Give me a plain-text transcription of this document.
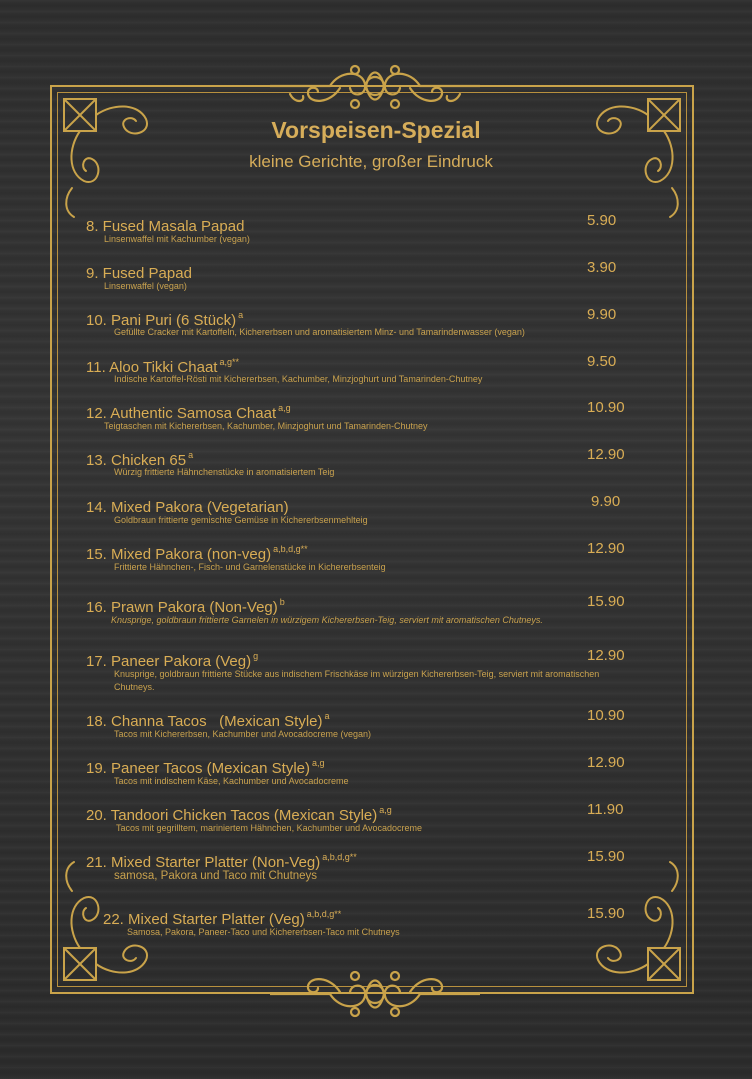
Vorspeisen-Spezial

kleine Gerichte, großer Eindruck

8. Fused Masala Papad	5.90
Linsenwaffel mit Kachumber (vegan)
9. Fused Papad	3.90
Linsenwaffel (vegan)
10. Pani Puri (6 Stück) $^a$	9.90
Gefüllte Cracker mit Kartoffeln, Kichererbsen und aromatisiertem Minz- und Tamarindenwasser (vegan)
11. Aloo Tikki Chaat $^{a,g**}$	9.50
Indische Kartoffel-Rösti mit Kichererbsen, Kachumber, Minzjoghurt und Tamarinden-Chutney
12. Authentic Samosa Chaat $^{a,g}$	10.90
Teigtaschen mit Kichererbsen, Kachumber, Minzjoghurt und Tamarinden-Chutney
13. Chicken 65 $^a$	12.90
Würzig frittierte Hähnchenstücke in aromatisiertem Teig
14. Mixed Pakora (Vegetarian)	9.90
Goldbraun frittierte gemischte Gemüse in Kichererbsenmehlteig
15. Mixed Pakora (non-veg) $^{a,b,d,g**}$	12.90
Frittierte Hähnchen-, Fisch- und Garnelenstücke in Kichererbsenteig
16. Prawn Pakora (Non-Veg) $^b$	15.90
Knusprige, goldbraun frittierte Garnelen in würzigem Kichererbsen-Teig, serviert mit aromatischen Chutneys.
17. Paneer Pakora (Veg) $^g$	12.90
Knusprige, goldbraun frittierte Stücke aus indischem Frischkäse im würzigen Kichererbsen-Teig, serviert mit aromatischen Chutneys.
18. Channa Tacos   (Mexican Style) $^a$	10.90
Tacos mit Kichererbsen, Kachumber und Avocadocreme (vegan)
19. Paneer Tacos (Mexican Style) $^{a,g}$	12.90
Tacos mit indischem Käse, Kachumber und Avocadocreme
20. Tandoori Chicken Tacos (Mexican Style) $^{a,g}$	11.90
Tacos mit gegrilltem, mariniertem Hähnchen, Kachumber und Avocadocreme
21. Mixed Starter Platter (Non-Veg) $^{a,b,d,g**}$	15.90
samosa, Pakora und Taco mit Chutneys
22. Mixed Starter Platter (Veg) $^{a,b,d,g**}$	15.90
Samosa, Pakora, Paneer-Taco und Kichererbsen-Taco mit Chutneys
